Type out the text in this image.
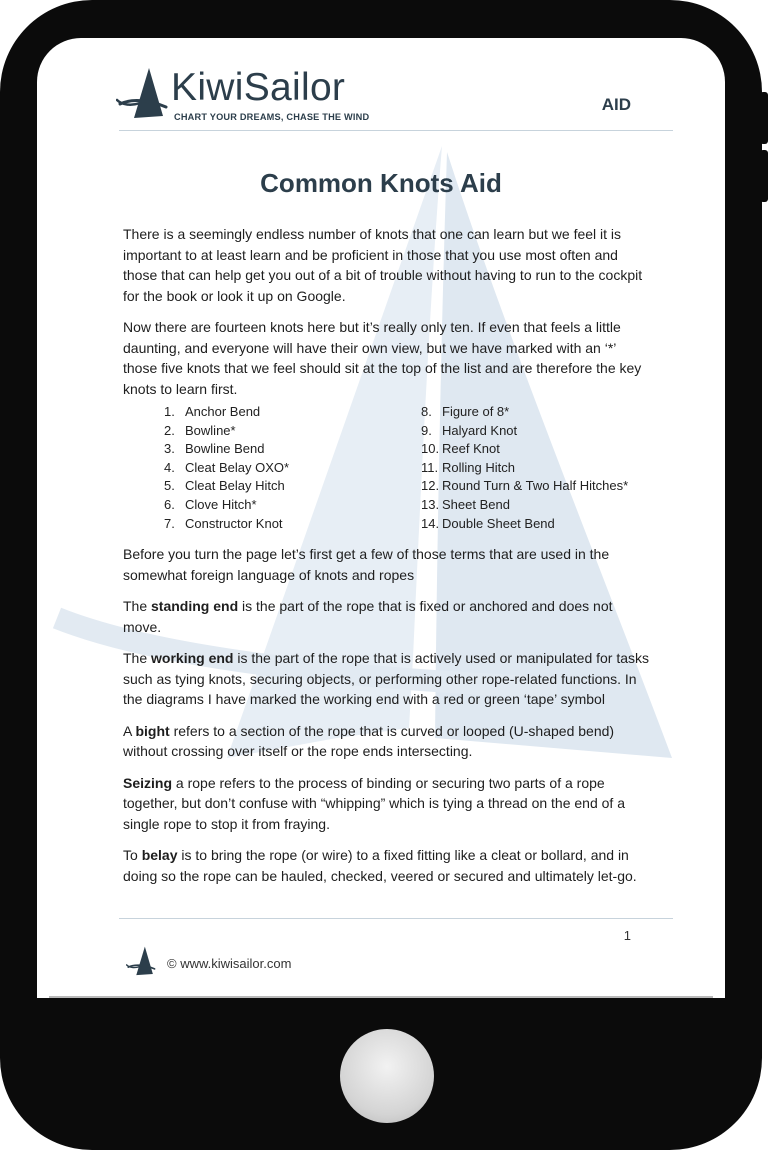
KiwiSailor
CHART YOUR DREAMS, CHASE THE WIND
AID
Common Knots Aid

There is a seemingly endless number of knots that one can learn but we feel it is important to at least learn and be proficient in those that you use most often and those that can help get you out of a bit of trouble without having to run to the cockpit for the book or look it up on Google.

Now there are fourteen knots here but it’s really only ten. If even that feels a little daunting, and everyone will have their own view, but we have marked with an ‘*’ those five knots that we feel should sit at the top of the list and are therefore the key knots to learn first.

1. Anchor Bend
2. Bowline*
3. Bowline Bend
4. Cleat Belay OXO*
5. Cleat Belay Hitch
6. Clove Hitch*
7. Constructor Knot
8. Figure of 8*
9. Halyard Knot
10. Reef Knot
11. Rolling Hitch
12. Round Turn & Two Half Hitches*
13. Sheet Bend
14. Double Sheet Bend

Before you turn the page let’s first get a few of those terms that are used in the somewhat foreign language of knots and ropes

The standing end is the part of the rope that is fixed or anchored and does not move.

The working end is the part of the rope that is actively used or manipulated for tasks such as tying knots, securing objects, or performing other rope-related functions. In the diagrams I have marked the working end with a red or green ‘tape’ symbol

A bight refers to a section of the rope that is curved or looped (U-shaped bend) without crossing over itself or the rope ends intersecting.

Seizing a rope refers to the process of binding or securing two parts of a rope together, but don’t confuse with “whipping” which is tying a thread on the end of a single rope to stop it from fraying.

To belay is to bring the rope (or wire) to a fixed fitting like a cleat or bollard, and in doing so the rope can be hauled, checked, veered or secured and ultimately let-go.

1
© www.kiwisailor.com
